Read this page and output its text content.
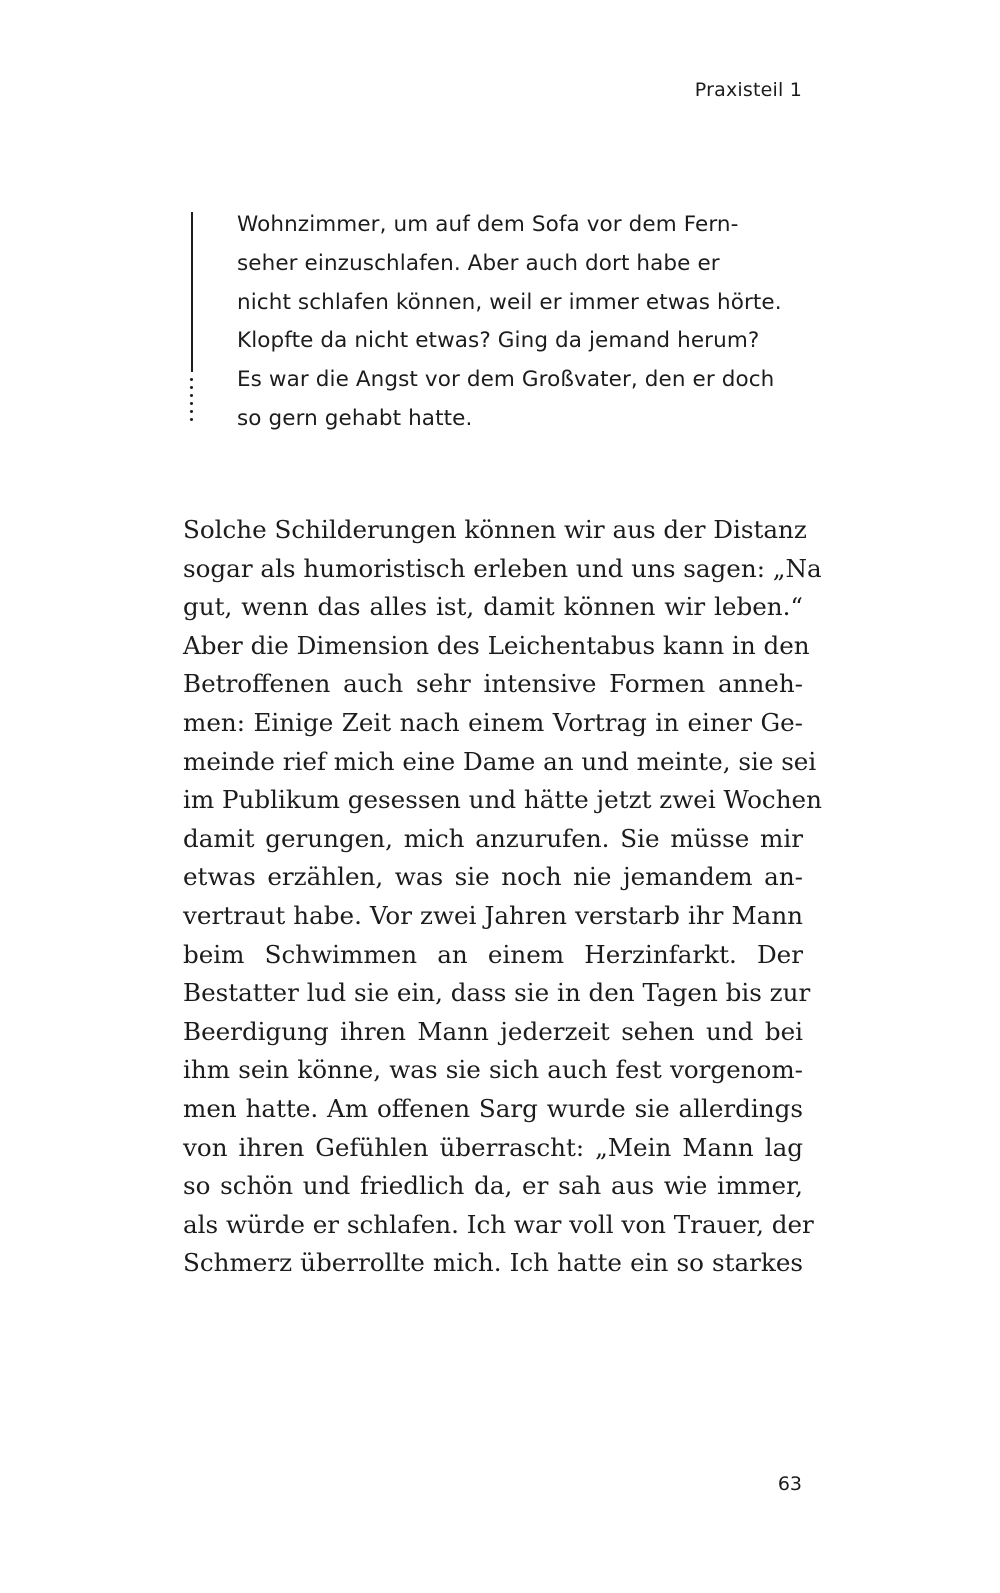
Praxisteil 1
Wohnzimmer, um auf dem Sofa vor dem Fern-
seher einzuschlafen. Aber auch dort habe er
nicht schlafen können, weil er immer etwas hörte.
Klopfte da nicht etwas? Ging da jemand herum?
Es war die Angst vor dem Großvater, den er doch
so gern gehabt hatte.
Solche Schilderungen können wir aus der Distanz
sogar als humoristisch erleben und uns sagen: „Na
gut, wenn das alles ist, damit können wir leben.“
Aber die Dimension des Leichentabus kann in den
Betroffenen auch sehr intensive Formen anneh-
men: Einige Zeit nach einem Vortrag in einer Ge-
meinde rief mich eine Dame an und meinte, sie sei
im Publikum gesessen und hätte jetzt zwei Wochen
damit gerungen, mich anzurufen. Sie müsse mir
etwas erzählen, was sie noch nie jemandem an-
vertraut habe. Vor zwei Jahren verstarb ihr Mann
beim Schwimmen an einem Herzinfarkt. Der
Bestatter lud sie ein, dass sie in den Tagen bis zur
Beerdigung ihren Mann jederzeit sehen und bei
ihm sein könne, was sie sich auch fest vorgenom-
men hatte. Am offenen Sarg wurde sie allerdings
von ihren Gefühlen überrascht: „Mein Mann lag
so schön und friedlich da, er sah aus wie immer,
als würde er schlafen. Ich war voll von Trauer, der
Schmerz überrollte mich. Ich hatte ein so starkes
63
